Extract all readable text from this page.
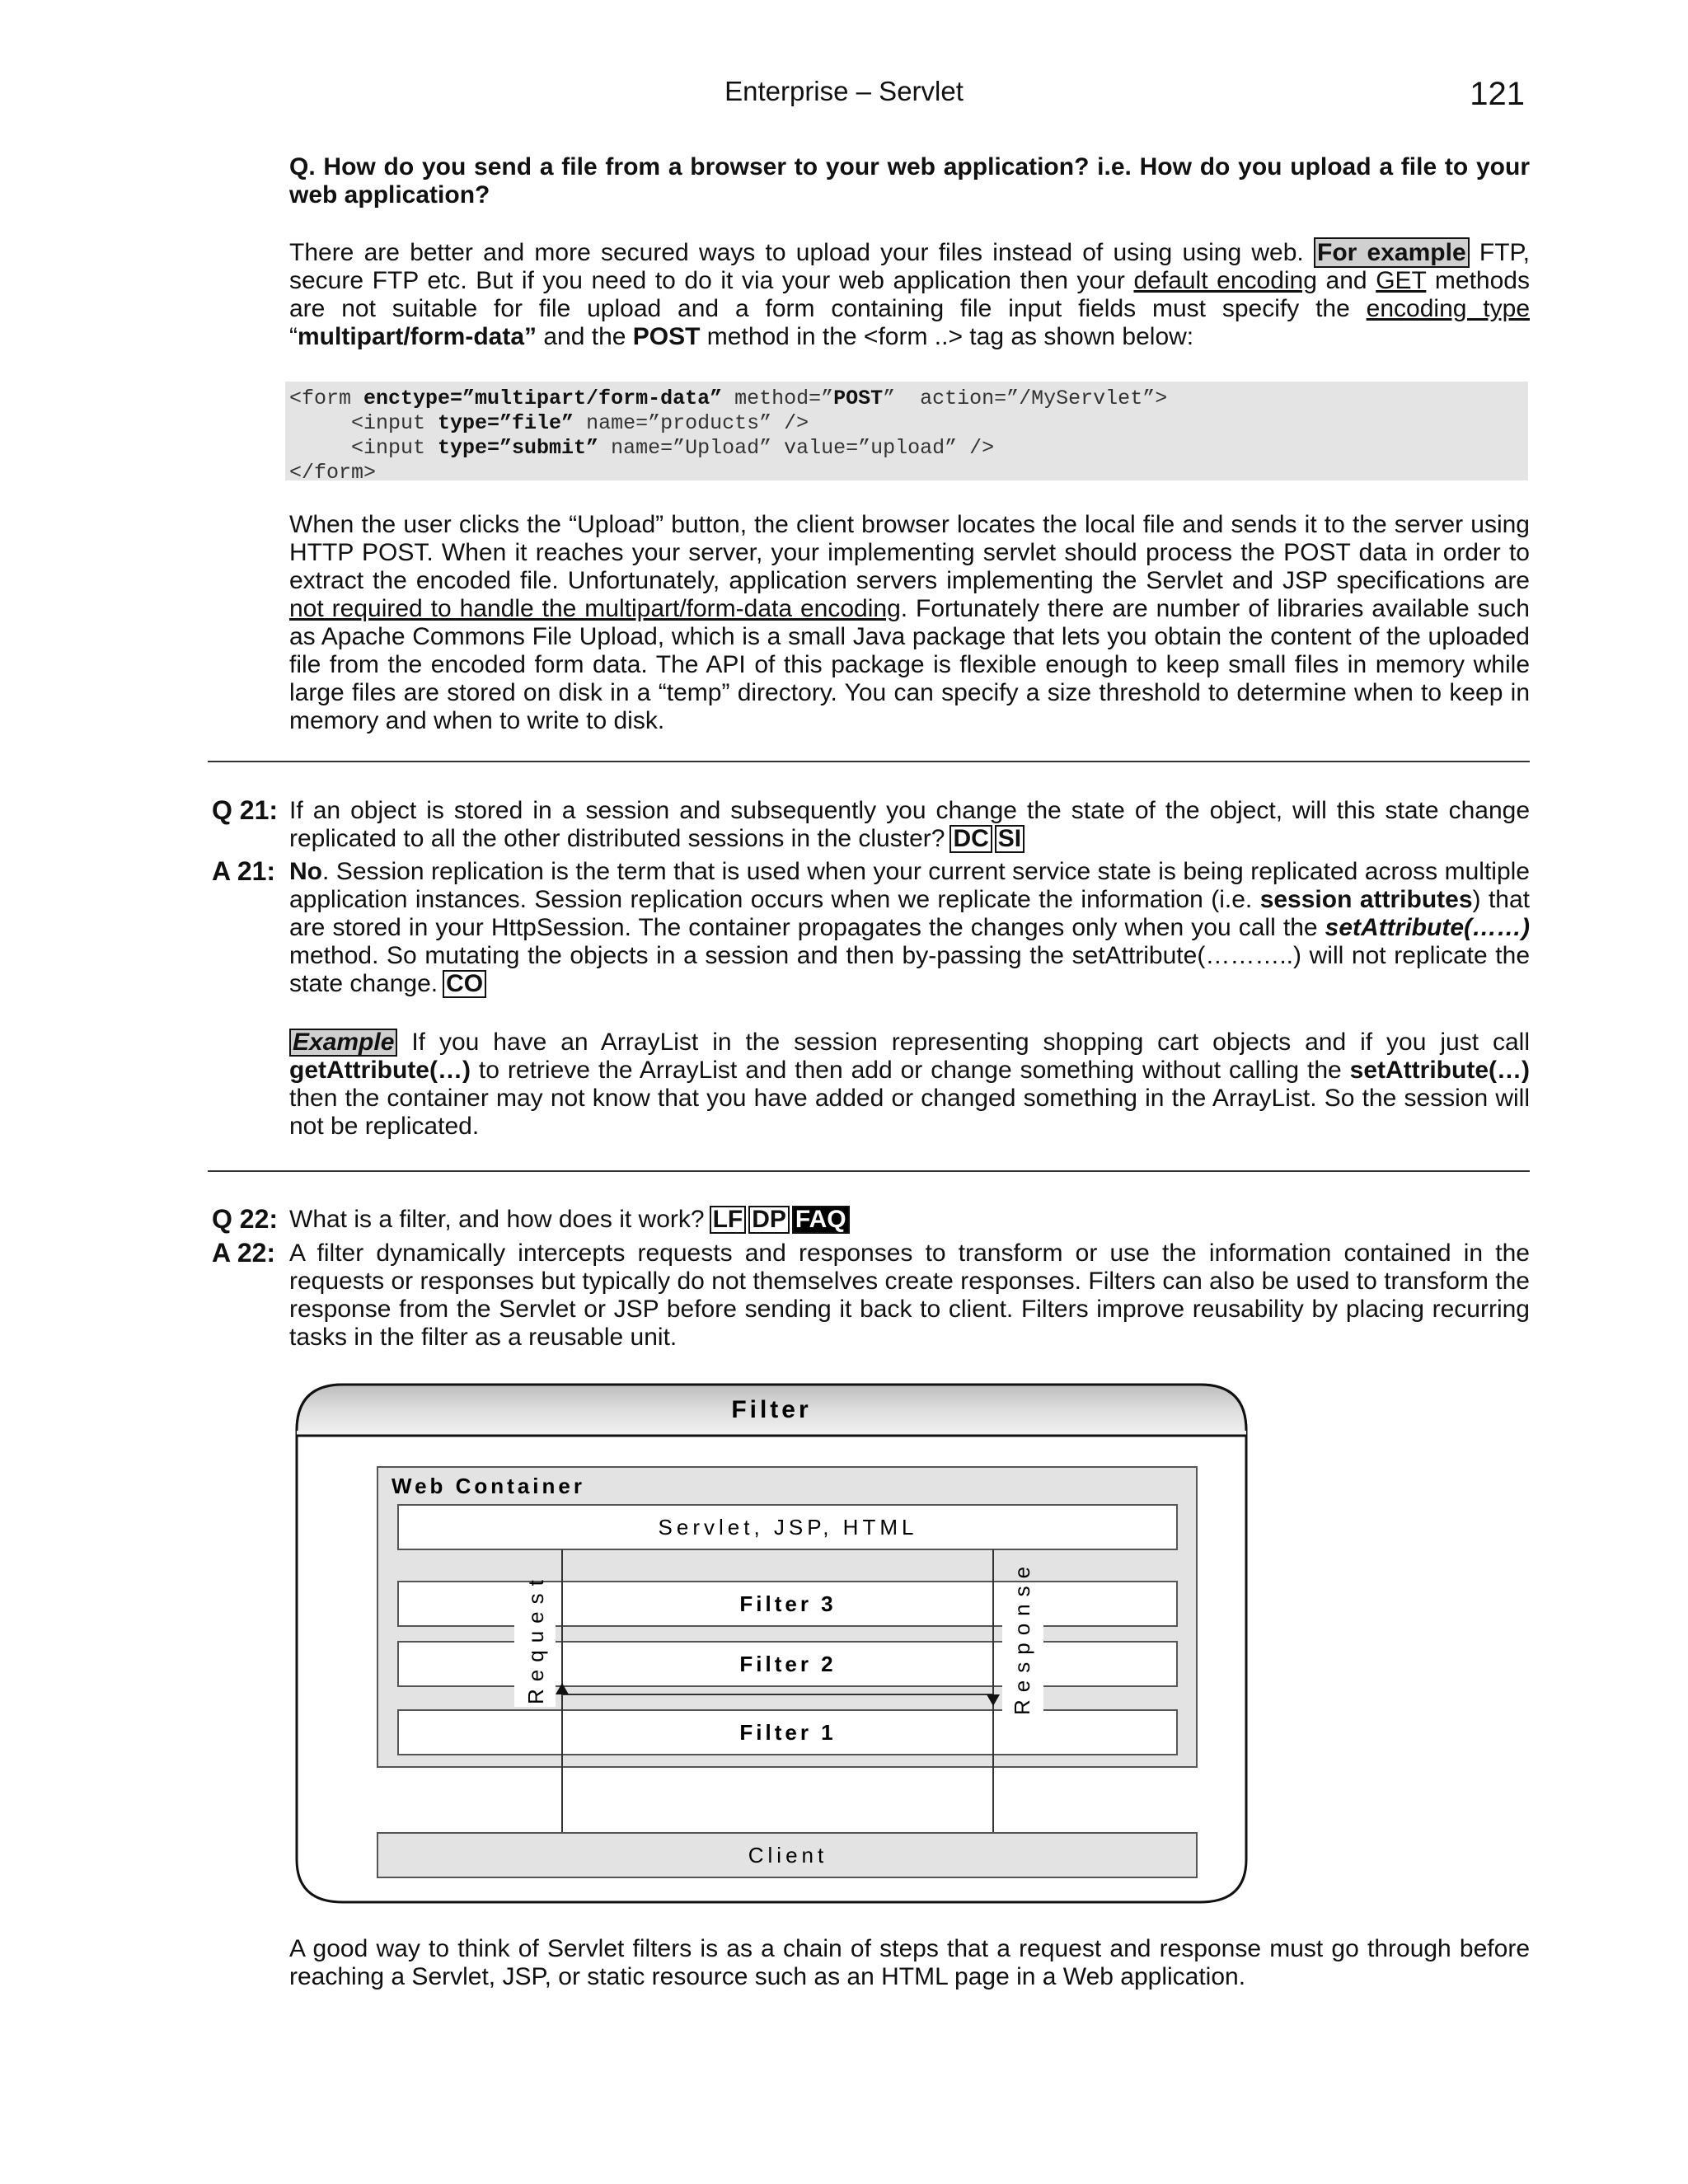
Enterprise – Servlet	121
Q. How do you send a file from a browser to your web application? i.e. How do you upload a file to your web application?
There are better and more secured ways to upload your files instead of using using web. For example FTP, secure FTP etc. But if you need to do it via your web application then your default encoding and GET methods are not suitable for file upload and a form containing file input fields must specify the encoding type “multipart/form-data” and the POST method in the <form ..> tag as shown below:
<form enctype=”multipart/form-data” method=”POST”  action=”/MyServlet”>
<input type=”file” name=”products” />
<input type=”submit” name=”Upload” value=”upload” />
</form>
When the user clicks the “Upload” button, the client browser locates the local file and sends it to the server using HTTP POST. When it reaches your server, your implementing servlet should process the POST data in order to extract the encoded file. Unfortunately, application servers implementing the Servlet and JSP specifications are not required to handle the multipart/form-data encoding. Fortunately there are number of libraries available such as Apache Commons File Upload, which is a small Java package that lets you obtain the content of the uploaded file from the encoded form data. The API of this package is flexible enough to keep small files in memory while large files are stored on disk in a “temp” directory. You can specify a size threshold to determine when to keep in memory and when to write to disk.
Q 21: If an object is stored in a session and subsequently you change the state of the object, will this state change replicated to all the other distributed sessions in the cluster? DC SI
A 21: No. Session replication is the term that is used when your current service state is being replicated across multiple application instances. Session replication occurs when we replicate the information (i.e. session attributes) that are stored in your HttpSession. The container propagates the changes only when you call the setAttribute(……) method. So mutating the objects in a session and then by-passing the setAttribute(………..) will not replicate the state change. CO
Example If you have an ArrayList in the session representing shopping cart objects and if you just call getAttribute(…) to retrieve the ArrayList and then add or change something without calling the setAttribute(…) then the container may not know that you have added or changed something in the ArrayList. So the session will not be replicated.
Q 22: What is a filter, and how does it work? LF DP FAQ
A 22: A filter dynamically intercepts requests and responses to transform or use the information contained in the requests or responses but typically do not themselves create responses. Filters can also be used to transform the response from the Servlet or JSP before sending it back to client. Filters improve reusability by placing recurring tasks in the filter as a reusable unit.
Filter
Web Container
Servlet, JSP, HTML
Filter 3
Filter 2
Filter 1
Request	Response
Client
A good way to think of Servlet filters is as a chain of steps that a request and response must go through before reaching a Servlet, JSP, or static resource such as an HTML page in a Web application.
